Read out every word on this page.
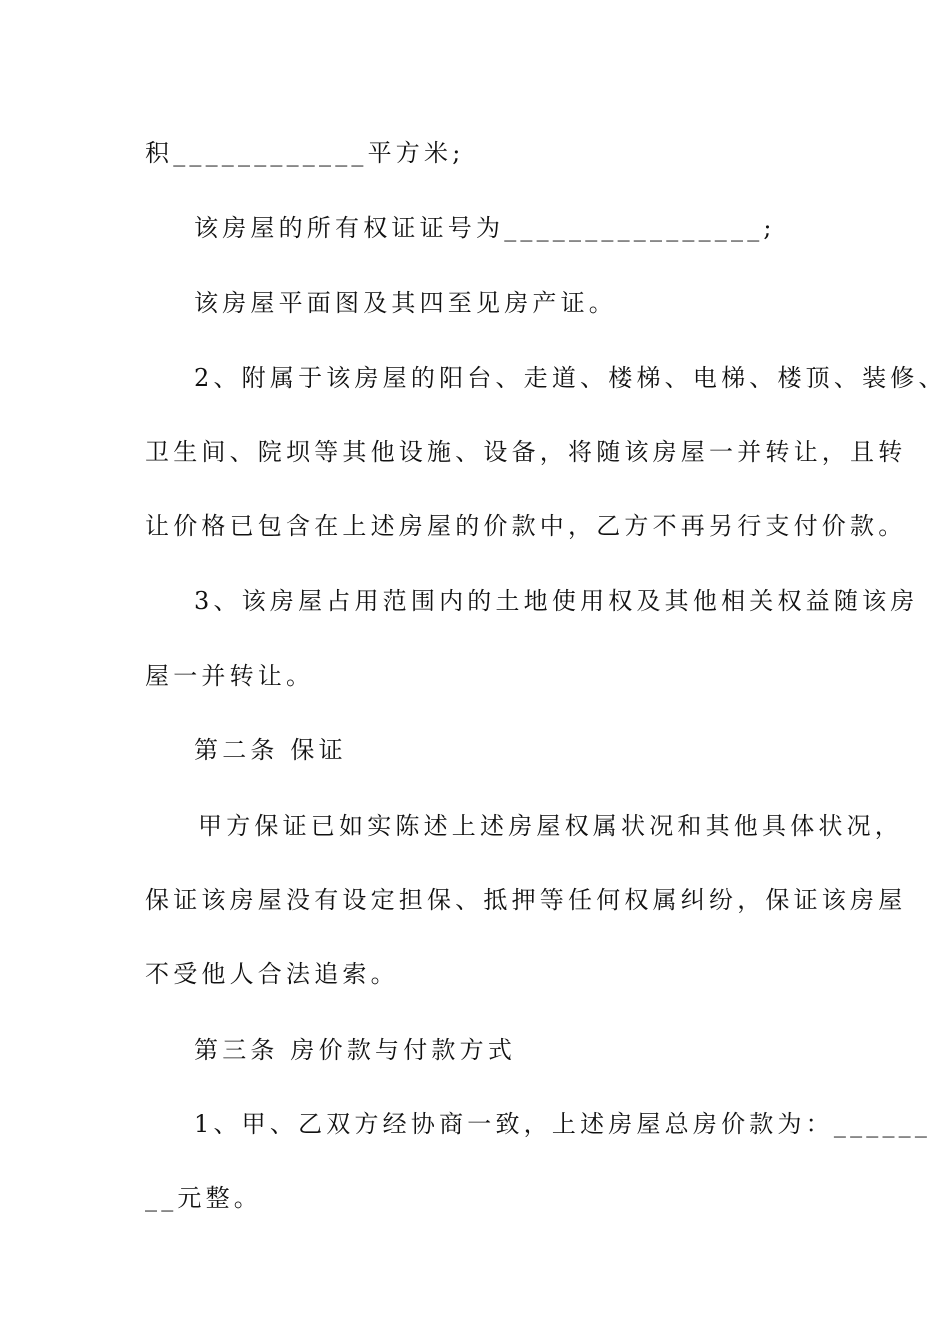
积____________平方米;
该房屋的所有权证证号为________________;
该房屋平面图及其四至见房产证。
2、附属于该房屋的阳台、走道、楼梯、电梯、楼顶、装修、
卫生间、院坝等其他设施、设备，将随该房屋一并转让，且转
让价格已包含在上述房屋的价款中，乙方不再另行支付价款。
3、该房屋占用范围内的土地使用权及其他相关权益随该房
屋一并转让。
第二条 保证
甲方保证已如实陈述上述房屋权属状况和其他具体状况，
保证该房屋没有设定担保、抵押等任何权属纠纷，保证该房屋
不受他人合法追索。
第三条 房价款与付款方式
1、甲、乙双方经协商一致，上述房屋总房价款为：______
__元整。
